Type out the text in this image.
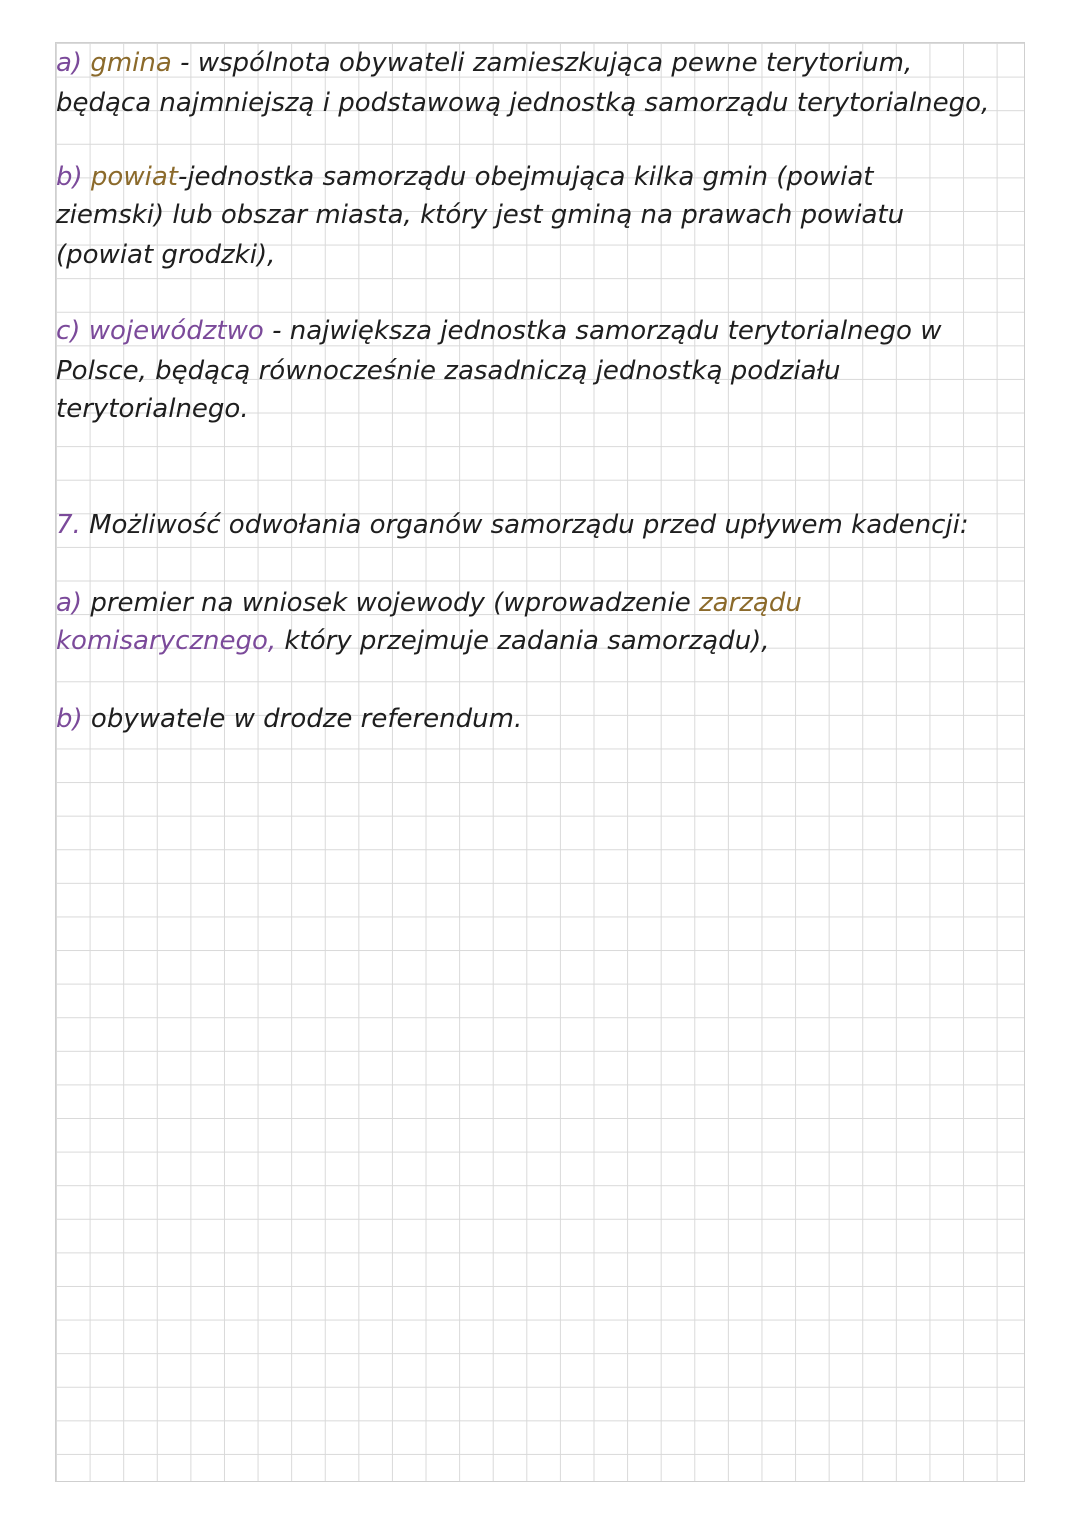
a) gmina - wspólnota obywateli zamieszkująca pewne terytorium,
będąca najmniejszą i podstawową jednostką samorządu terytorialnego,
b) powiat-jednostka samorządu obejmująca kilka gmin (powiat
ziemski) lub obszar miasta, który jest gminą na prawach powiatu
(powiat grodzki),
c) województwo - największa jednostka samorządu terytorialnego w
Polsce, będącą równocześnie zasadniczą jednostką podziału
terytorialnego.
7. Możliwość odwołania organów samorządu przed upływem kadencji:
a) premier na wniosek wojewody (wprowadzenie zarządu
komisarycznego, który przejmuje zadania samorządu),
b) obywatele w drodze referendum.
